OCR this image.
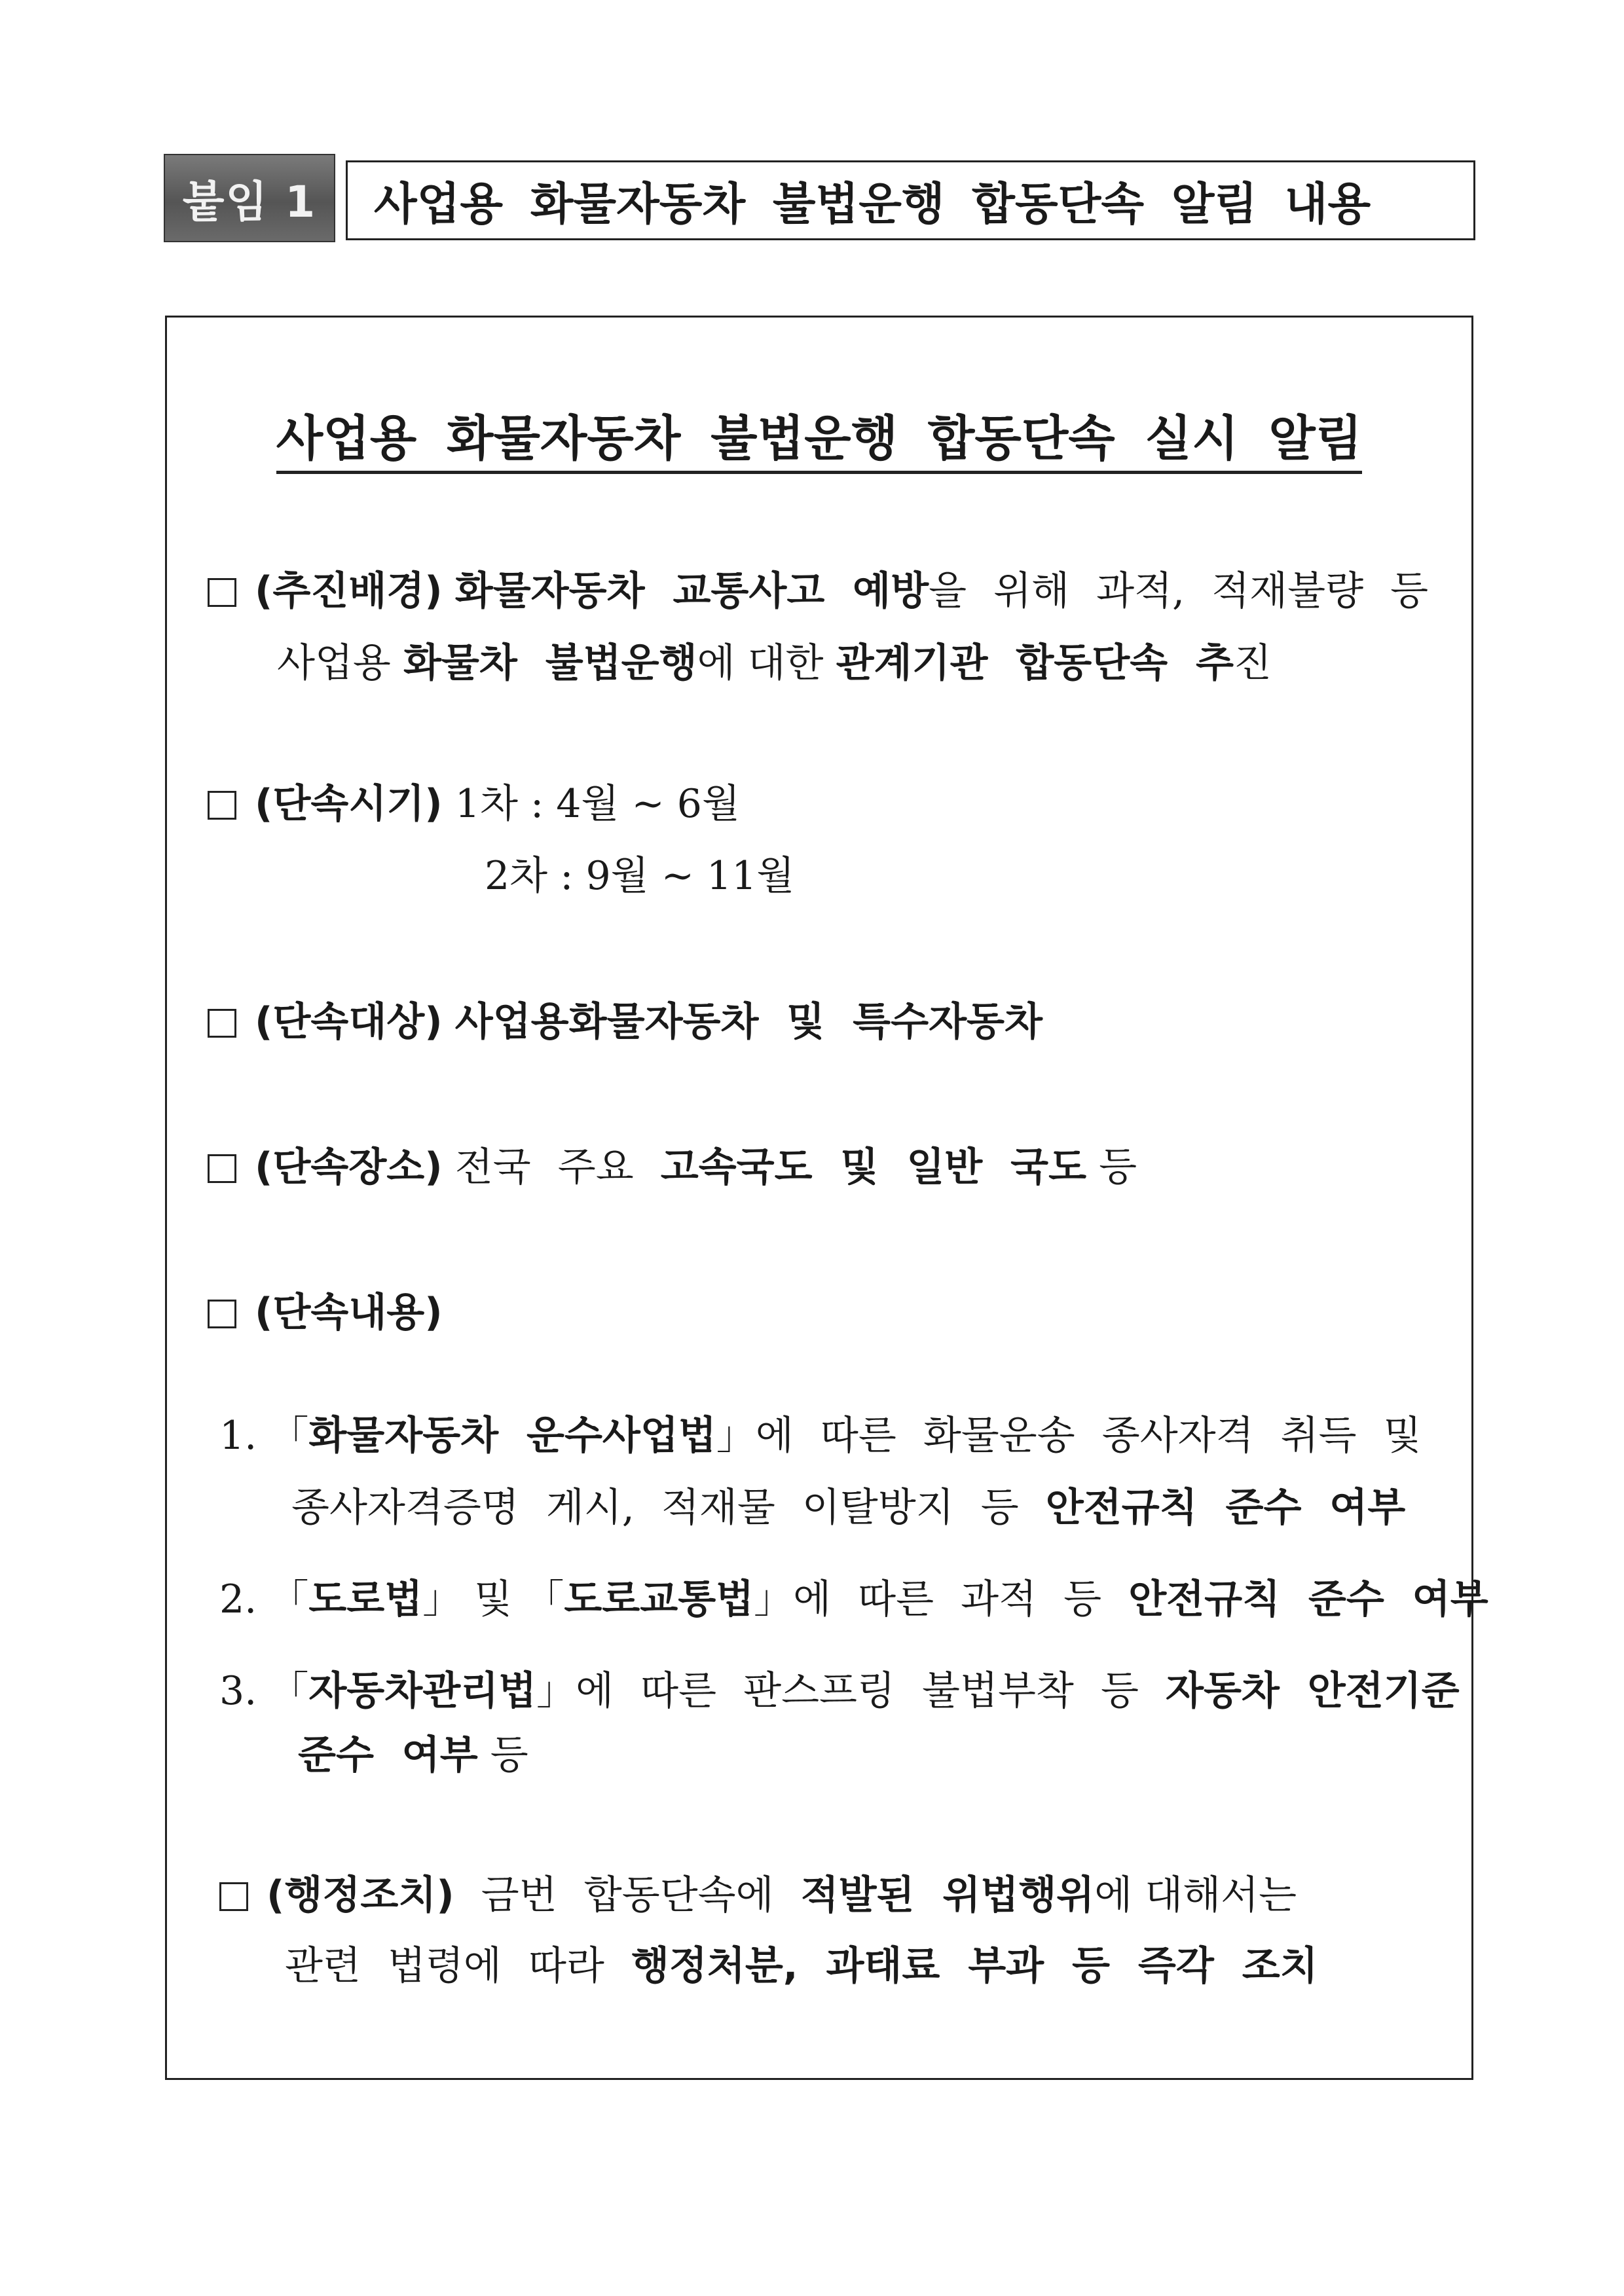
붙임 1	사업용 화물자동차 불법운행 합동단속 알림 내용
사업용 화물자동차 불법운행 합동단속 실시 알림
(추진배경) 화물자동차 교통사고 예방을 위해 과적, 적재불량 등
사업용 화물차 불법운행에 대한 관계기관 합동단속 추진
(단속시기) 1차 : 4월 ~ 6월
2차 : 9월 ~ 11월
(단속대상) 사업용화물자동차 및 특수자동차
(단속장소) 전국 주요 고속국도 및 일반 국도 등
(단속내용)
1. 「화물자동차 운수사업법」에 따른 화물운송 종사자격 취득 및
종사자격증명 게시, 적재물 이탈방지 등 안전규칙 준수 여부
2. 「도로법」 및 「도로교통법」에 따른 과적 등 안전규칙 준수 여부
3. 「자동차관리법」에 따른 판스프링 불법부착 등 자동차 안전기준
준수 여부 등
(행정조치) 금번 합동단속에 적발된 위법행위에 대해서는
관련 법령에 따라 행정처분, 과태료 부과 등 즉각 조치
